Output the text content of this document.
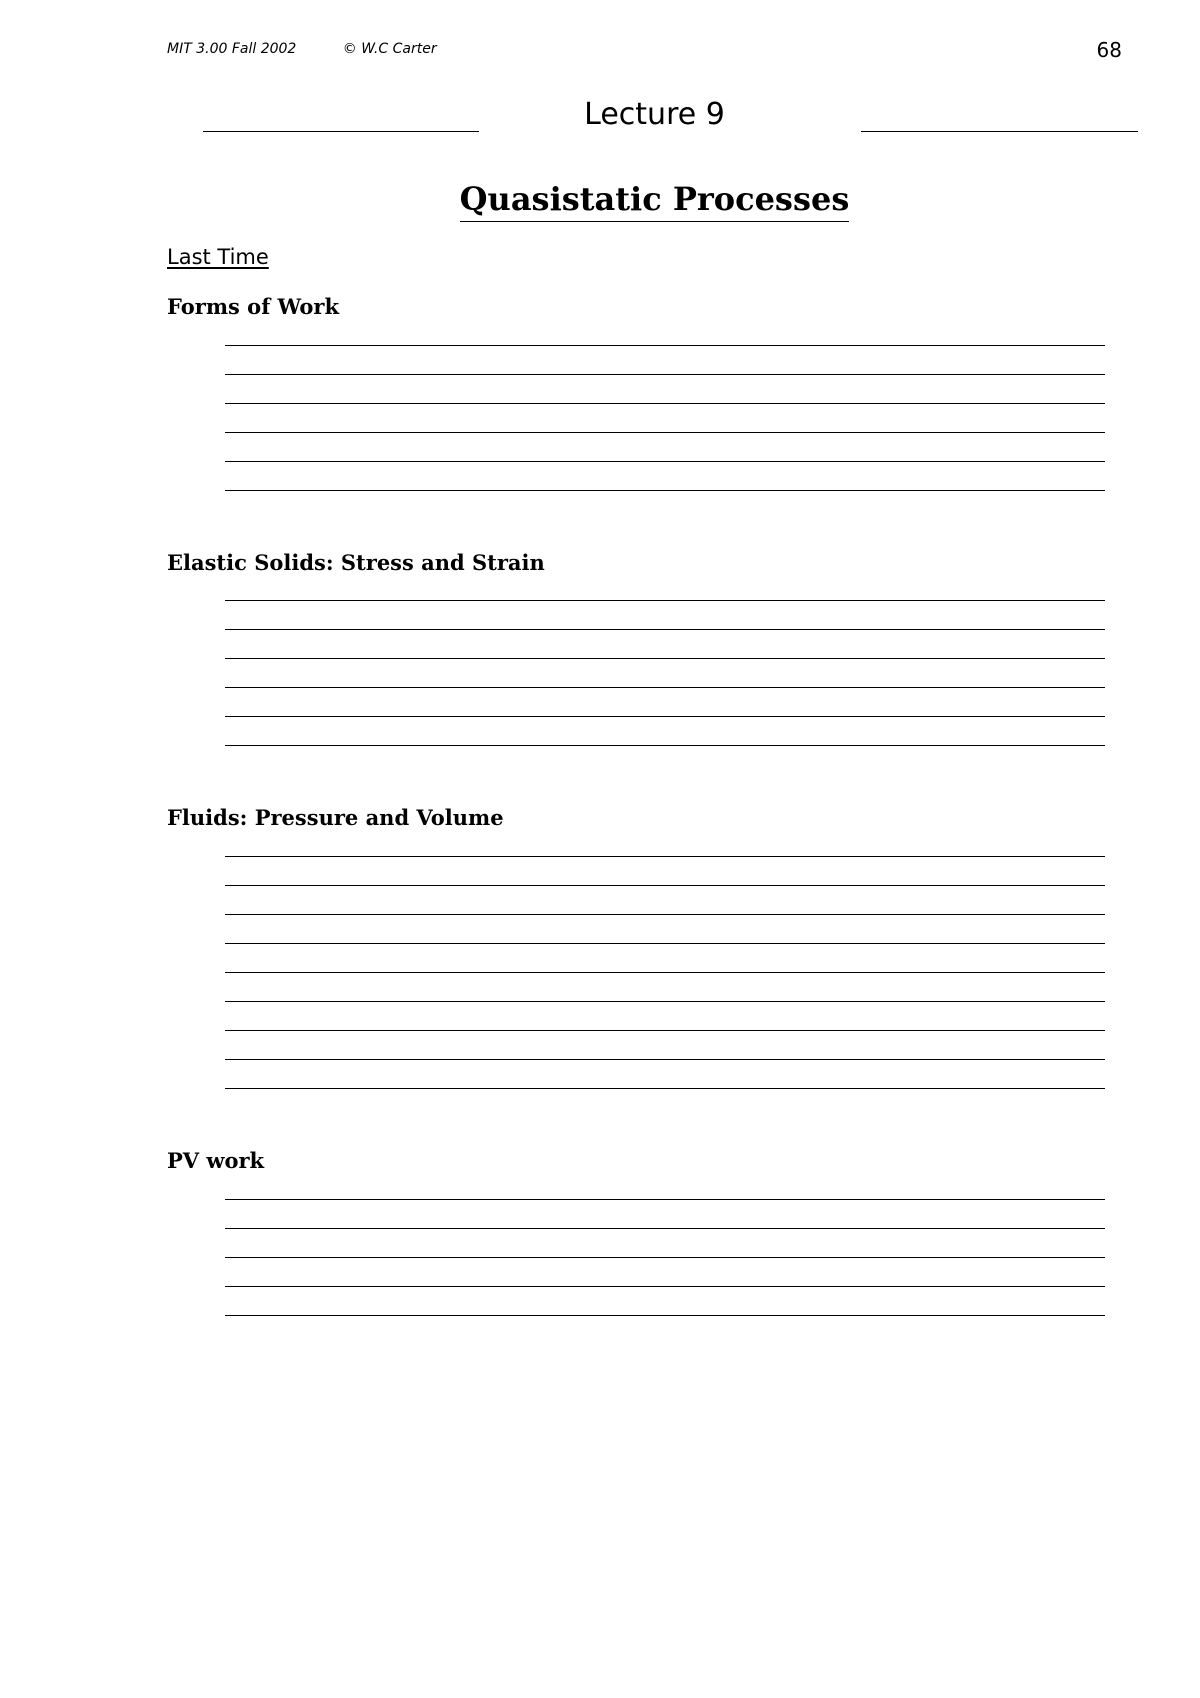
MIT 3.00 Fall 2002	© W.C Carter	68
Lecture 9
Quasistatic Processes
Last Time
Forms of Work
Elastic Solids: Stress and Strain
Fluids: Pressure and Volume
PV work
